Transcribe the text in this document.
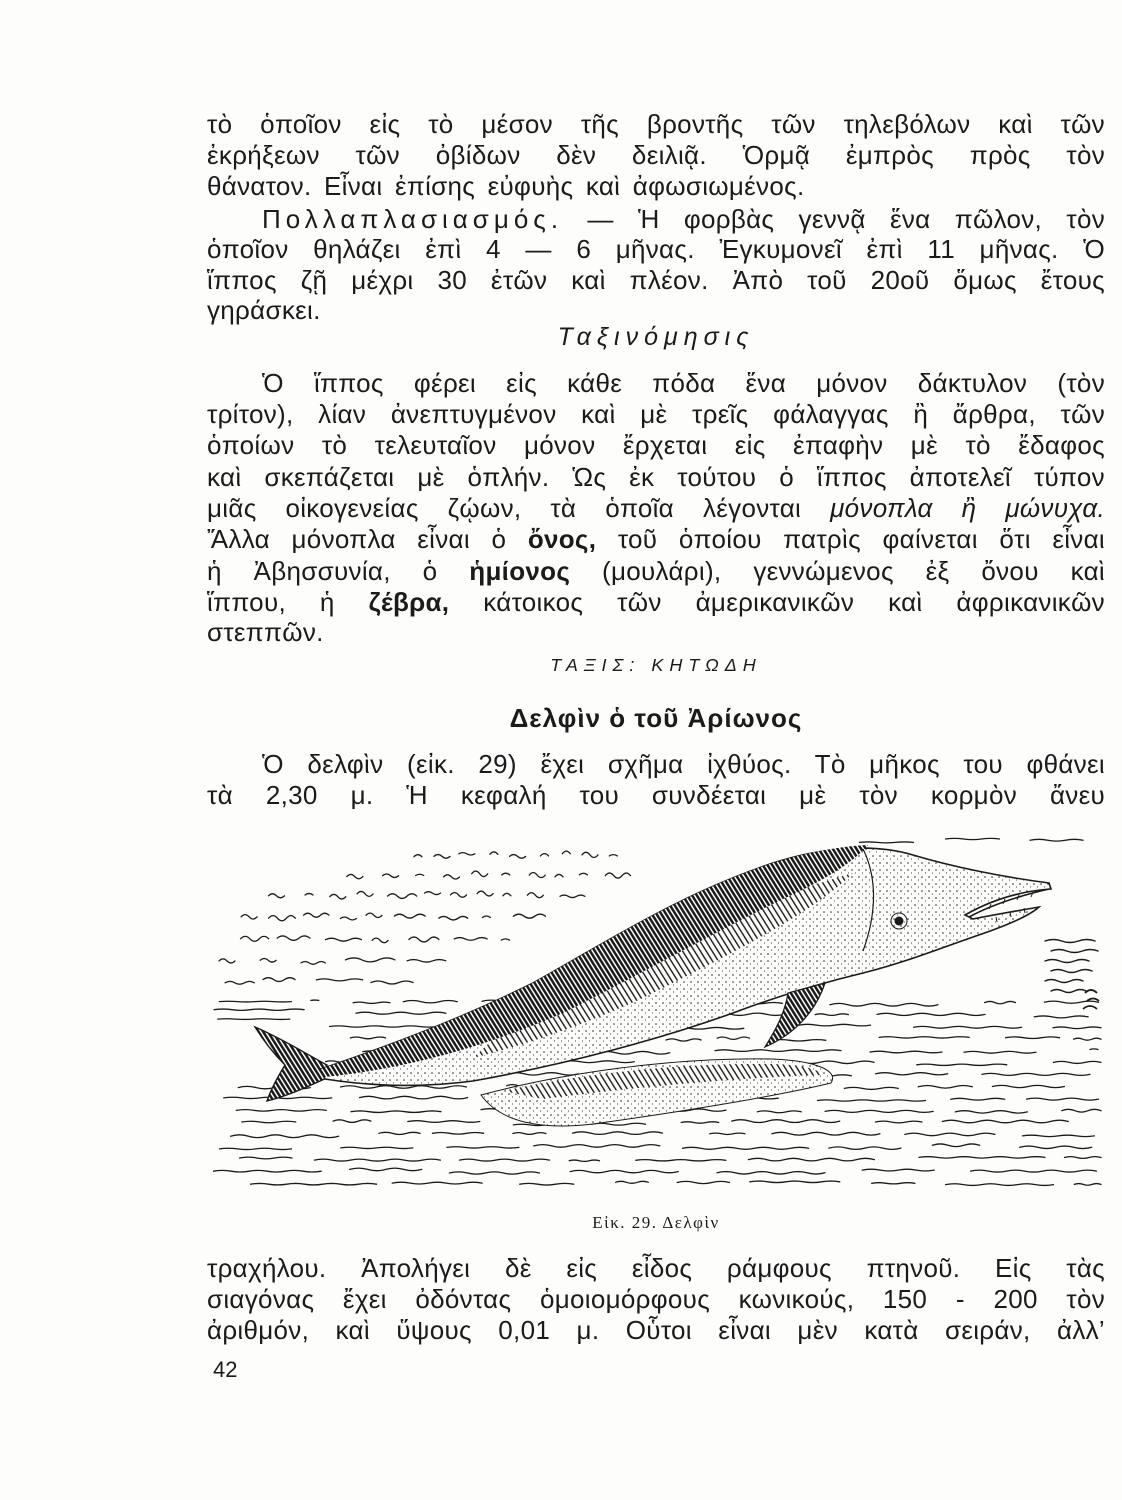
τὸ ὁποῖον εἰς τὸ μέσον τῆς βροντῆς τῶν τηλεβόλων καὶ τῶν
ἐκρήξεων τῶν ὀβίδων δὲν δειλιᾷ. Ὁρμᾷ ἐμπρὸς πρὸς τὸν
θάνατον. Εἶναι ἐπίσης εὐφυὴς καὶ ἀφωσιωμένος.
Πολλαπλασιασμός. — Ἡ φορβὰς γεννᾷ ἕνα πῶλον, τὸν
ὁποῖον θηλάζει ἐπὶ 4 — 6 μῆνας. Ἐγκυμονεῖ ἐπὶ 11 μῆνας. Ὁ
ἵππος ζῇ μέχρι 30 ἐτῶν καὶ πλέον. Ἀπὸ τοῦ 20οῦ ὅμως ἔτους
γηράσκει.
Ταξινόμησις
Ὁ ἵππος φέρει εἰς κάθε πόδα ἕνα μόνον δάκτυλον (τὸν
τρίτον), λίαν ἀνεπτυγμένον καὶ μὲ τρεῖς φάλαγγας ἢ ἄρθρα, τῶν
ὁποίων τὸ τελευταῖον μόνον ἔρχεται εἰς ἐπαφὴν μὲ τὸ ἔδαφος
καὶ σκεπάζεται μὲ ὁπλήν. Ὡς ἐκ τούτου ὁ ἵππος ἀποτελεῖ τύπον
μιᾶς οἰκογενείας ζῴων, τὰ ὁποῖα λέγονται μόνοπλα ἢ μώνυχα.
Ἄλλα μόνοπλα εἶναι ὁ ὄνος, τοῦ ὁποίου πατρὶς φαίνεται ὅτι εἶναι
ἡ Ἀβησσυνία, ὁ ἡμίονος (μουλάρι), γεννώμενος ἐξ ὄνου καὶ
ἵππου, ἡ ζέβρα, κάτοικος τῶν ἀμερικανικῶν καὶ ἀφρικανικῶν
στεππῶν.
ΤΑΞΙΣ: ΚΗΤΩΔΗ
Δελφὶν ὁ τοῦ Ἀρίωνος
Ὁ δελφὶν (εἰκ. 29) ἔχει σχῆμα ἰχθύος. Τὸ μῆκος του φθάνει
τὰ 2,30 μ. Ἡ κεφαλή του συνδέεται μὲ τὸν κορμὸν ἄνευ
Εἰκ. 29. Δελφὶν
τραχήλου. Ἀπολήγει δὲ εἰς εἶδος ράμφους πτηνοῦ. Εἰς τὰς
σιαγόνας ἔχει ὀδόντας ὁμοιομόρφους κωνικούς, 150 - 200 τὸν
ἀριθμόν, καὶ ὕψους 0,01 μ. Οὗτοι εἶναι μὲν κατὰ σειράν, ἀλλ’
42
